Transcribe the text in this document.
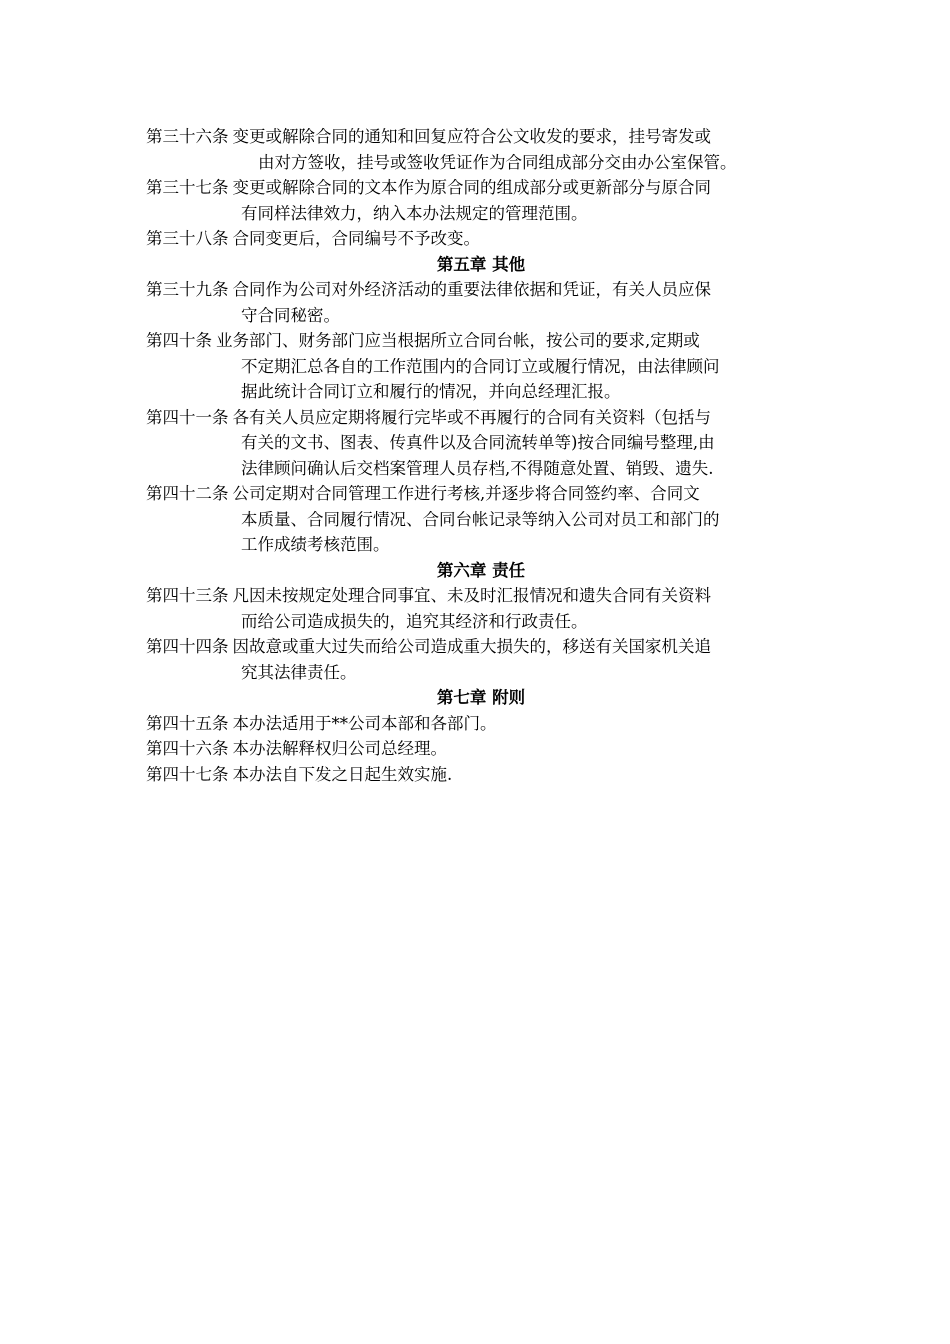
第三十六条 变更或解除合同的通知和回复应符合公文收发的要求，挂号寄发或
由对方签收，挂号或签收凭证作为合同组成部分交由办公室保管。
第三十七条 变更或解除合同的文本作为原合同的组成部分或更新部分与原合同
有同样法律效力，纳入本办法规定的管理范围。
第三十八条 合同变更后，合同编号不予改变。
第五章 其他
第三十九条 合同作为公司对外经济活动的重要法律依据和凭证，有关人员应保
守合同秘密。
第四十条 业务部门、财务部门应当根据所立合同台帐，按公司的要求,定期或
不定期汇总各自的工作范围内的合同订立或履行情况，由法律顾问
据此统计合同订立和履行的情况，并向总经理汇报。
第四十一条 各有关人员应定期将履行完毕或不再履行的合同有关资料（包括与
有关的文书、图表、传真件以及合同流转单等)按合同编号整理,由
法律顾问确认后交档案管理人员存档,不得随意处置、销毁、遗失.
第四十二条 公司定期对合同管理工作进行考核,并逐步将合同签约率、合同文
本质量、合同履行情况、合同台帐记录等纳入公司对员工和部门的
工作成绩考核范围。
第六章 责任
第四十三条 凡因未按规定处理合同事宜、未及时汇报情况和遗失合同有关资料
而给公司造成损失的，追究其经济和行政责任。
第四十四条 因故意或重大过失而给公司造成重大损失的，移送有关国家机关追
究其法律责任。
第七章 附则
第四十五条 本办法适用于**公司本部和各部门。
第四十六条 本办法解释权归公司总经理。
第四十七条 本办法自下发之日起生效实施.
